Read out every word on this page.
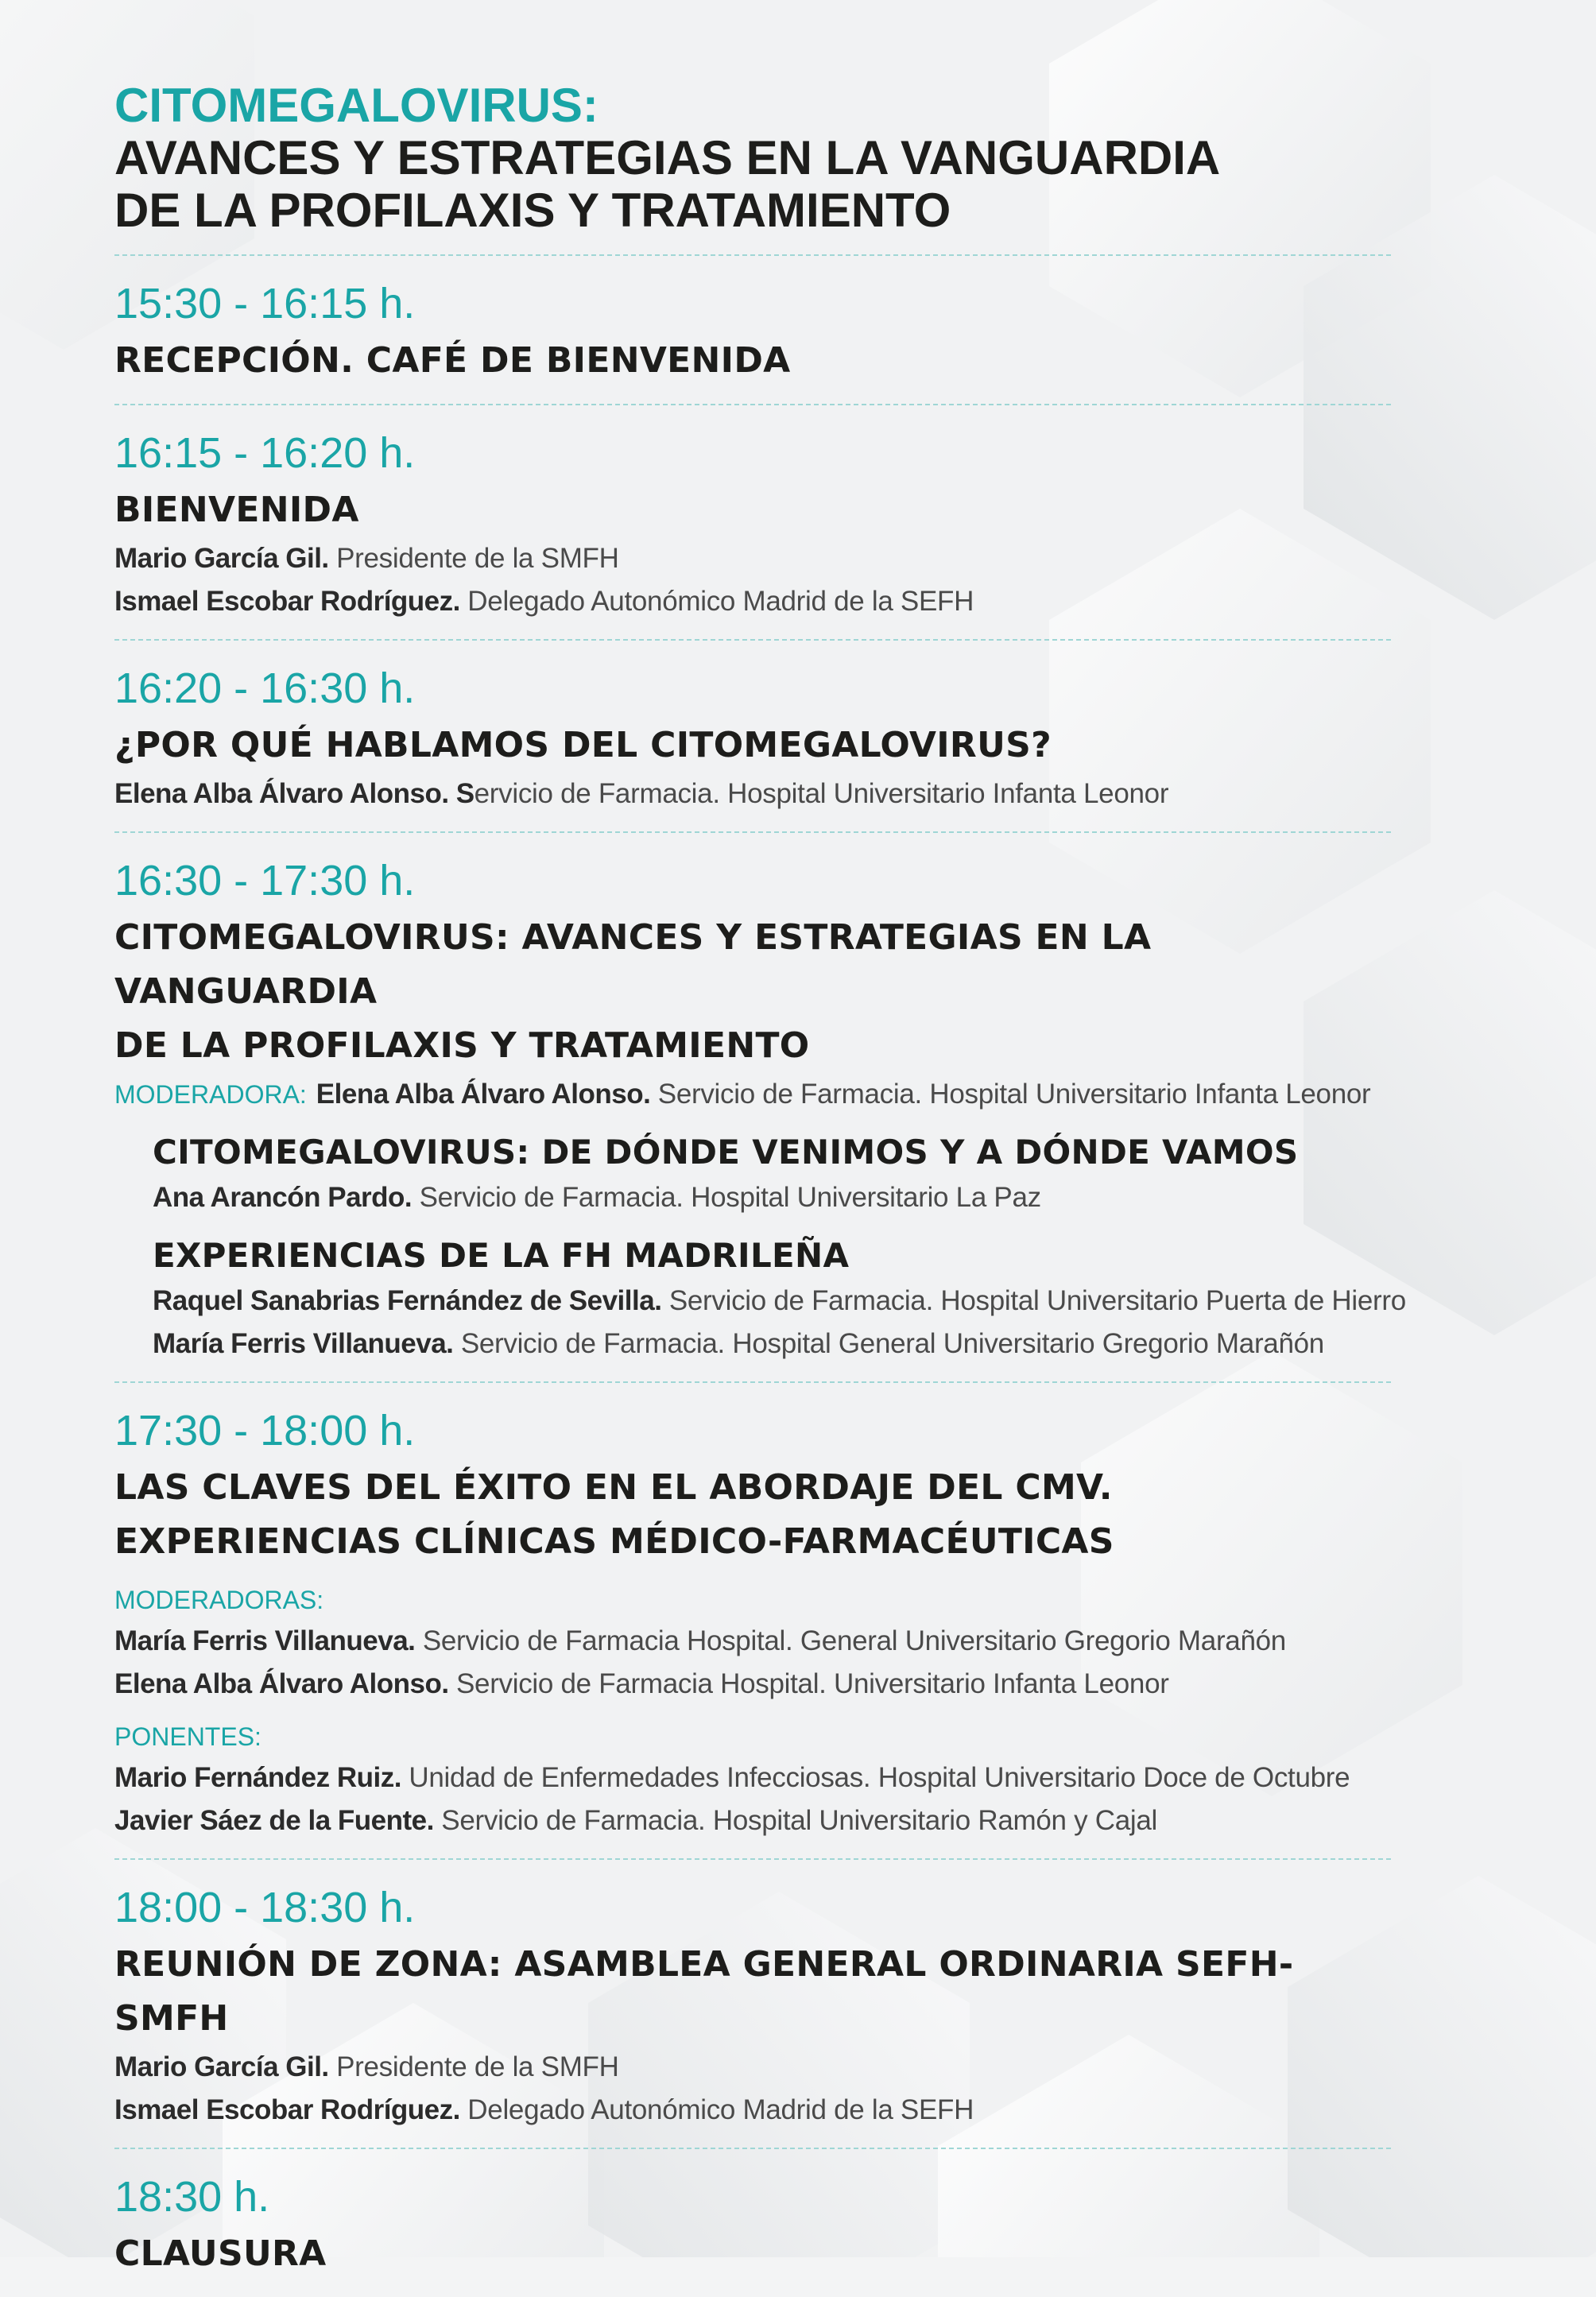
CITOMEGALOVIRUS:
AVANCES Y ESTRATEGIAS EN LA VANGUARDIA
DE LA PROFILAXIS Y TRATAMIENTO
15:30 - 16:15 h.
RECEPCIÓN. CAFÉ DE BIENVENIDA
16:15 - 16:20 h.
BIENVENIDA

Mario García Gil. Presidente de la SMFH

Ismael Escobar Rodríguez. Delegado Autonómico Madrid de la SEFH

16:20 - 16:30 h.
¿POR QUÉ HABLAMOS DEL CITOMEGALOVIRUS?

Elena Alba Álvaro Alonso. Servicio de Farmacia. Hospital Universitario Infanta Leonor

16:30 - 17:30 h.
CITOMEGALOVIRUS: AVANCES Y ESTRATEGIAS EN LA VANGUARDIA
DE LA PROFILAXIS Y TRATAMIENTO
MODERADORA: Elena Alba Álvaro Alonso. Servicio de Farmacia. Hospital Universitario Infanta Leonor
CITOMEGALOVIRUS: DE DÓNDE VENIMOS Y A DÓNDE VAMOS

Ana Arancón Pardo. Servicio de Farmacia. Hospital Universitario La Paz

EXPERIENCIAS DE LA FH MADRILEÑA

Raquel Sanabrias Fernández de Sevilla. Servicio de Farmacia. Hospital Universitario Puerta de Hierro

María Ferris Villanueva. Servicio de Farmacia. Hospital General Universitario Gregorio Marañón

17:30 - 18:00 h.
LAS CLAVES DEL ÉXITO EN EL ABORDAJE DEL CMV.
EXPERIENCIAS CLÍNICAS MÉDICO-FARMACÉUTICAS
MODERADORAS:

María Ferris Villanueva. Servicio de Farmacia Hospital. General Universitario Gregorio Marañón

Elena Alba Álvaro Alonso. Servicio de Farmacia Hospital. Universitario Infanta Leonor

PONENTES:

Mario Fernández Ruiz. Unidad de Enfermedades Infecciosas. Hospital Universitario Doce de Octubre

Javier Sáez de la Fuente. Servicio de Farmacia. Hospital Universitario Ramón y Cajal

18:00 - 18:30 h.
REUNIÓN DE ZONA: ASAMBLEA GENERAL ORDINARIA SEFH-SMFH

Mario García Gil. Presidente de la SMFH

Ismael Escobar Rodríguez. Delegado Autonómico Madrid de la SEFH

18:30 h.
CLAUSURA
